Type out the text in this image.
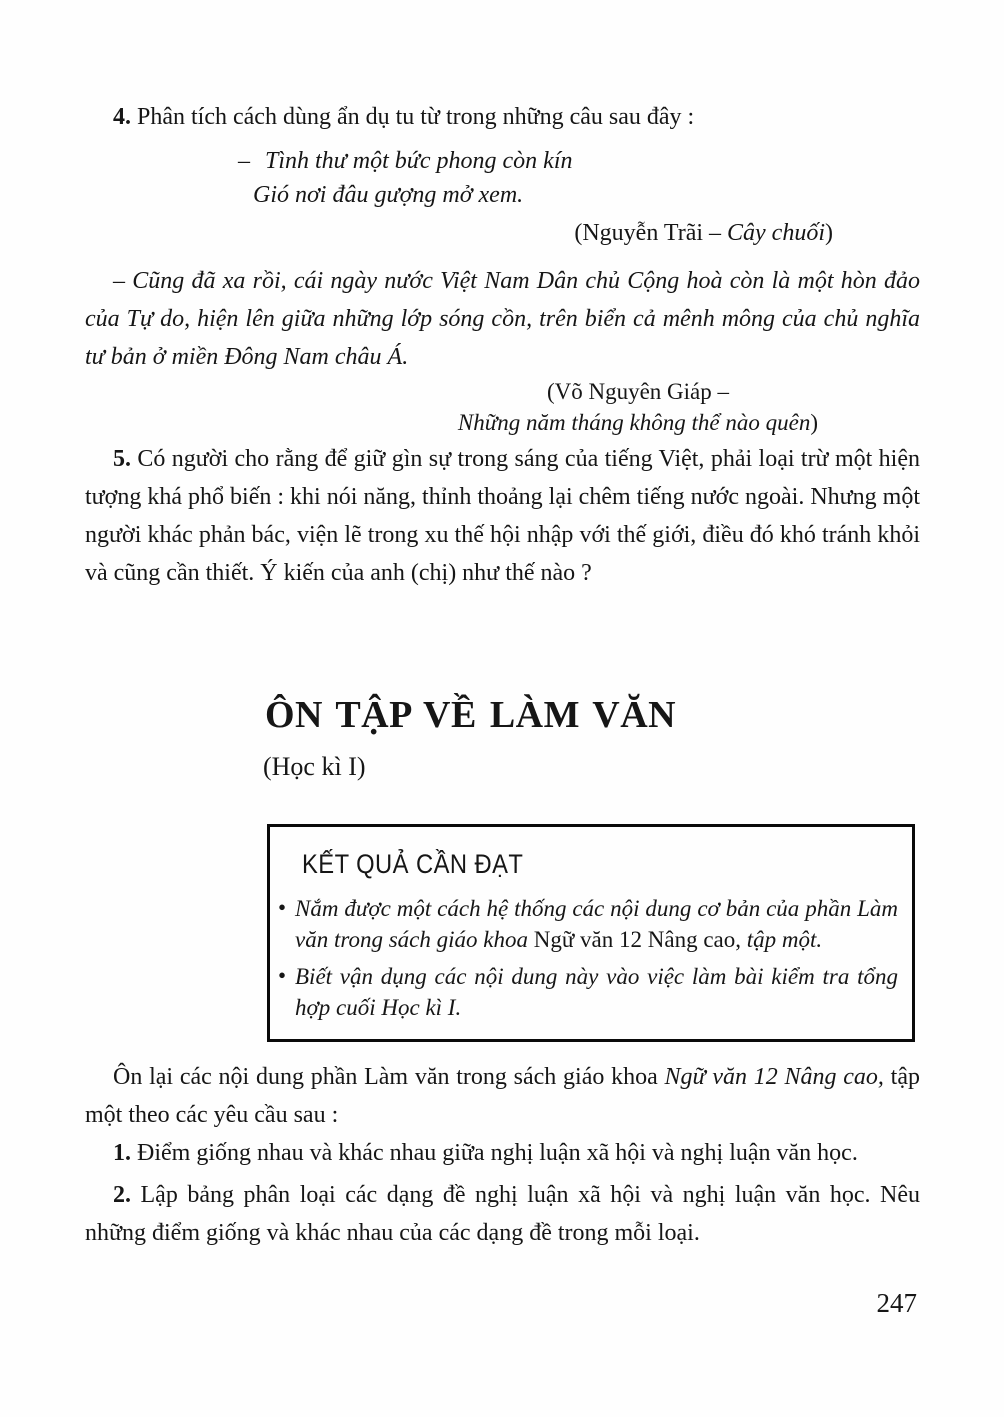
4. Phân tích cách dùng ẩn dụ tu từ trong những câu sau đây :

– Tình thư một bức phong còn kín
Gió nơi đâu gượng mở xem.
(Nguyễn Trãi – Cây chuối)

– Cũng đã xa rồi, cái ngày nước Việt Nam Dân chủ Cộng hoà còn là một hòn đảo của Tự do, hiện lên giữa những lớp sóng cồn, trên biển cả mênh mông của chủ nghĩa tư bản ở miền Đông Nam châu Á.

(Võ Nguyên Giáp –
Những năm tháng không thể nào quên)

5. Có người cho rằng để giữ gìn sự trong sáng của tiếng Việt, phải loại trừ một hiện tượng khá phổ biến : khi nói năng, thỉnh thoảng lại chêm tiếng nước ngoài. Nhưng một người khác phản bác, viện lẽ trong xu thế hội nhập với thế giới, điều đó khó tránh khỏi và cũng cần thiết. Ý kiến của anh (chị) như thế nào ?

ÔN TẬP VỀ LÀM VĂN
(Học kì I)
KẾT QUẢ CẦN ĐẠT
• Nắm được một cách hệ thống các nội dung cơ bản của phần Làm văn trong sách giáo khoa Ngữ văn 12 Nâng cao, tập một.
• Biết vận dụng các nội dung này vào việc làm bài kiểm tra tổng hợp cuối Học kì I.

Ôn lại các nội dung phần Làm văn trong sách giáo khoa Ngữ văn 12 Nâng cao, tập một theo các yêu cầu sau :

1. Điểm giống nhau và khác nhau giữa nghị luận xã hội và nghị luận văn học.

2. Lập bảng phân loại các dạng đề nghị luận xã hội và nghị luận văn học. Nêu những điểm giống và khác nhau của các dạng đề trong mỗi loại.

247
